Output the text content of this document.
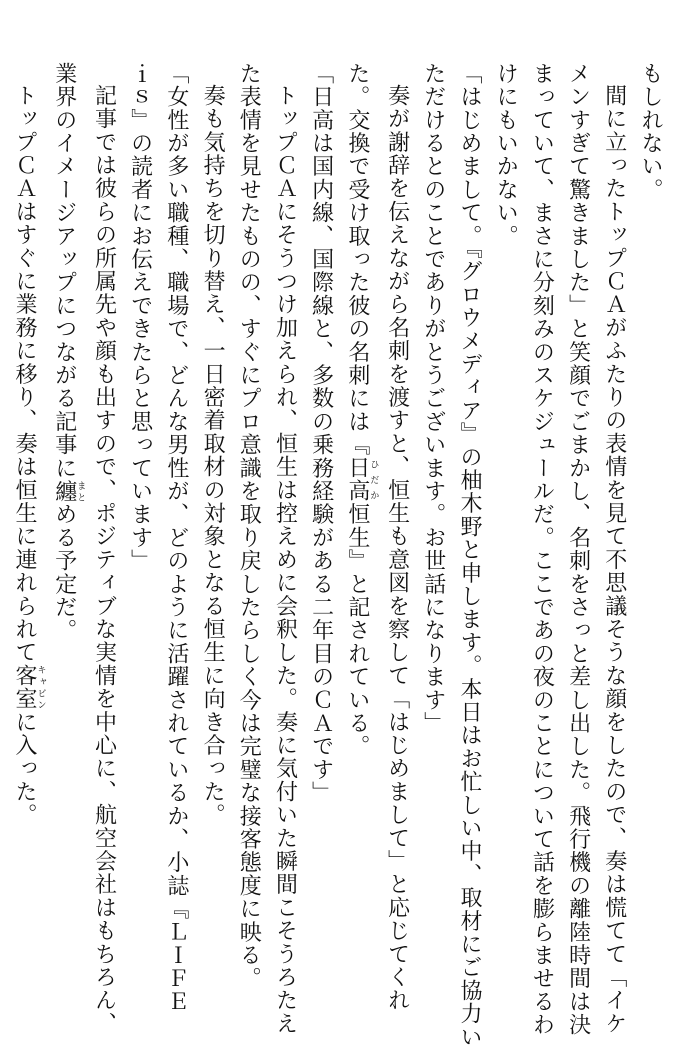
もしれない。

間に立ったトップＣＡがふたりの表情を見て不思議そうな顔をしたので、奏は慌てて「イケ

メンすぎて驚きました」と笑顔でごまかし、名刺をさっと差し出した。飛行機の離陸時間は決

まっていて、まさに分刻みのスケジュールだ。ここであの夜のことについて話を膨らませるわ

けにもいかない。

「はじめまして。『グロウメディア』の柚木野と申します。本日はお忙しい中、取材にご協力い

ただけるとのことでありがとうございます。お世話になります」

奏が謝辞を伝えながら名刺を渡すと、恒生も意図を察して「はじめまして」と応じてくれ

た。交換で受け取った彼の名刺には『日高ひだか恒生』と記されている。

「日高は国内線、国際線と、多数の乗務経験がある二年目のＣＡです」

トップＣＡにそうつけ加えられ、恒生は控えめに会釈した。奏に気付いた瞬間こそうろたえ

た表情を見せたものの、すぐにプロ意識を取り戻したらしく今は完璧な接客態度に映る。

奏も気持ちを切り替え、一日密着取材の対象となる恒生に向き合った。

「女性が多い職種、職場で、どんな男性が、どのように活躍されているか、小誌『ＬＩＦＥ

ｉｓ』の読者にお伝えできたらと思っています」

記事では彼らの所属先や顔も出すので、ポジティブな実情を中心に、航空会社はもちろん、

業界のイメージアップにつながる記事に纏まとめる予定だ。

トップＣＡはすぐに業務に移り、奏は恒生に連れられて客室キャビンに入った。
